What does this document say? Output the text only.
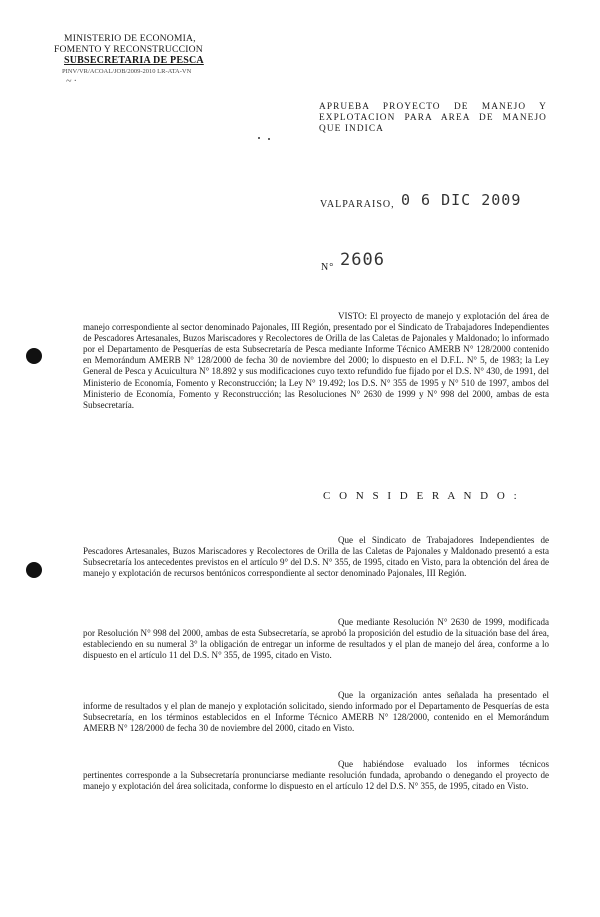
MINISTERIO DE ECONOMIA,
FOMENTO Y RECONSTRUCCION
SUBSECRETARIA DE PESCA
PINV/VR/ACOAL/JOB/2009-2010 LR-ATA-VN
~ ·
APRUEBA PROYECTO DE MANEJO Y EXPLOTACION PARA AREA DE MANEJO QUE INDICA
VALPARAISO, 0 6 DIC 2009
N° 2606

VISTO: El proyecto de manejo y explotación del área de manejo correspondiente al sector denominado Pajonales, III Región, presentado por el Sindicato de Trabajadores Independientes de Pescadores Artesanales, Buzos Mariscadores y Recolectores de Orilla de las Caletas de Pajonales y Maldonado; lo informado por el Departamento de Pesquerías de esta Subsecretaría de Pesca mediante Informe Técnico AMERB N° 128/2000 contenido en Memorándum AMERB N° 128/2000 de fecha 30 de noviembre del 2000; lo dispuesto en el D.F.L. N° 5, de 1983; la Ley General de Pesca y Acuicultura N° 18.892 y sus modificaciones cuyo texto refundido fue fijado por el D.S. N° 430, de 1991, del Ministerio de Economía, Fomento y Reconstrucción; la Ley N° 19.492; los D.S. N° 355 de 1995 y N° 510 de 1997, ambos del Ministerio de Economía, Fomento y Reconstrucción; las Resoluciones N° 2630 de 1999 y N° 998 del 2000, ambas de esta Subsecretaría.

C O N S I D E R A N D O :

Que el Sindicato de Trabajadores Independientes de Pescadores Artesanales, Buzos Mariscadores y Recolectores de Orilla de las Caletas de Pajonales y Maldonado presentó a esta Subsecretaría los antecedentes previstos en el artículo 9° del D.S. N° 355, de 1995, citado en Visto, para la obtención del área de manejo y explotación de recursos bentónicos correspondiente al sector denominado Pajonales, III Región.

Que mediante Resolución N° 2630 de 1999, modificada por Resolución N° 998 del 2000, ambas de esta Subsecretaría, se aprobó la proposición del estudio de la situación base del área, estableciendo en su numeral 3° la obligación de entregar un informe de resultados y el plan de manejo del área, conforme a lo dispuesto en el artículo 11 del D.S. N° 355, de 1995, citado en Visto.

Que la organización antes señalada ha presentado el informe de resultados y el plan de manejo y explotación solicitado, siendo informado por el Departamento de Pesquerías de esta Subsecretaría, en los términos establecidos en el Informe Técnico AMERB N° 128/2000, contenido en el Memorándum AMERB N° 128/2000 de fecha 30 de noviembre del 2000, citado en Visto.

Que habiéndose evaluado los informes técnicos pertinentes corresponde a la Subsecretaría pronunciarse mediante resolución fundada, aprobando o denegando el proyecto de manejo y explotación del área solicitada, conforme lo dispuesto en el artículo 12 del D.S. N° 355, de 1995, citado en Visto.
